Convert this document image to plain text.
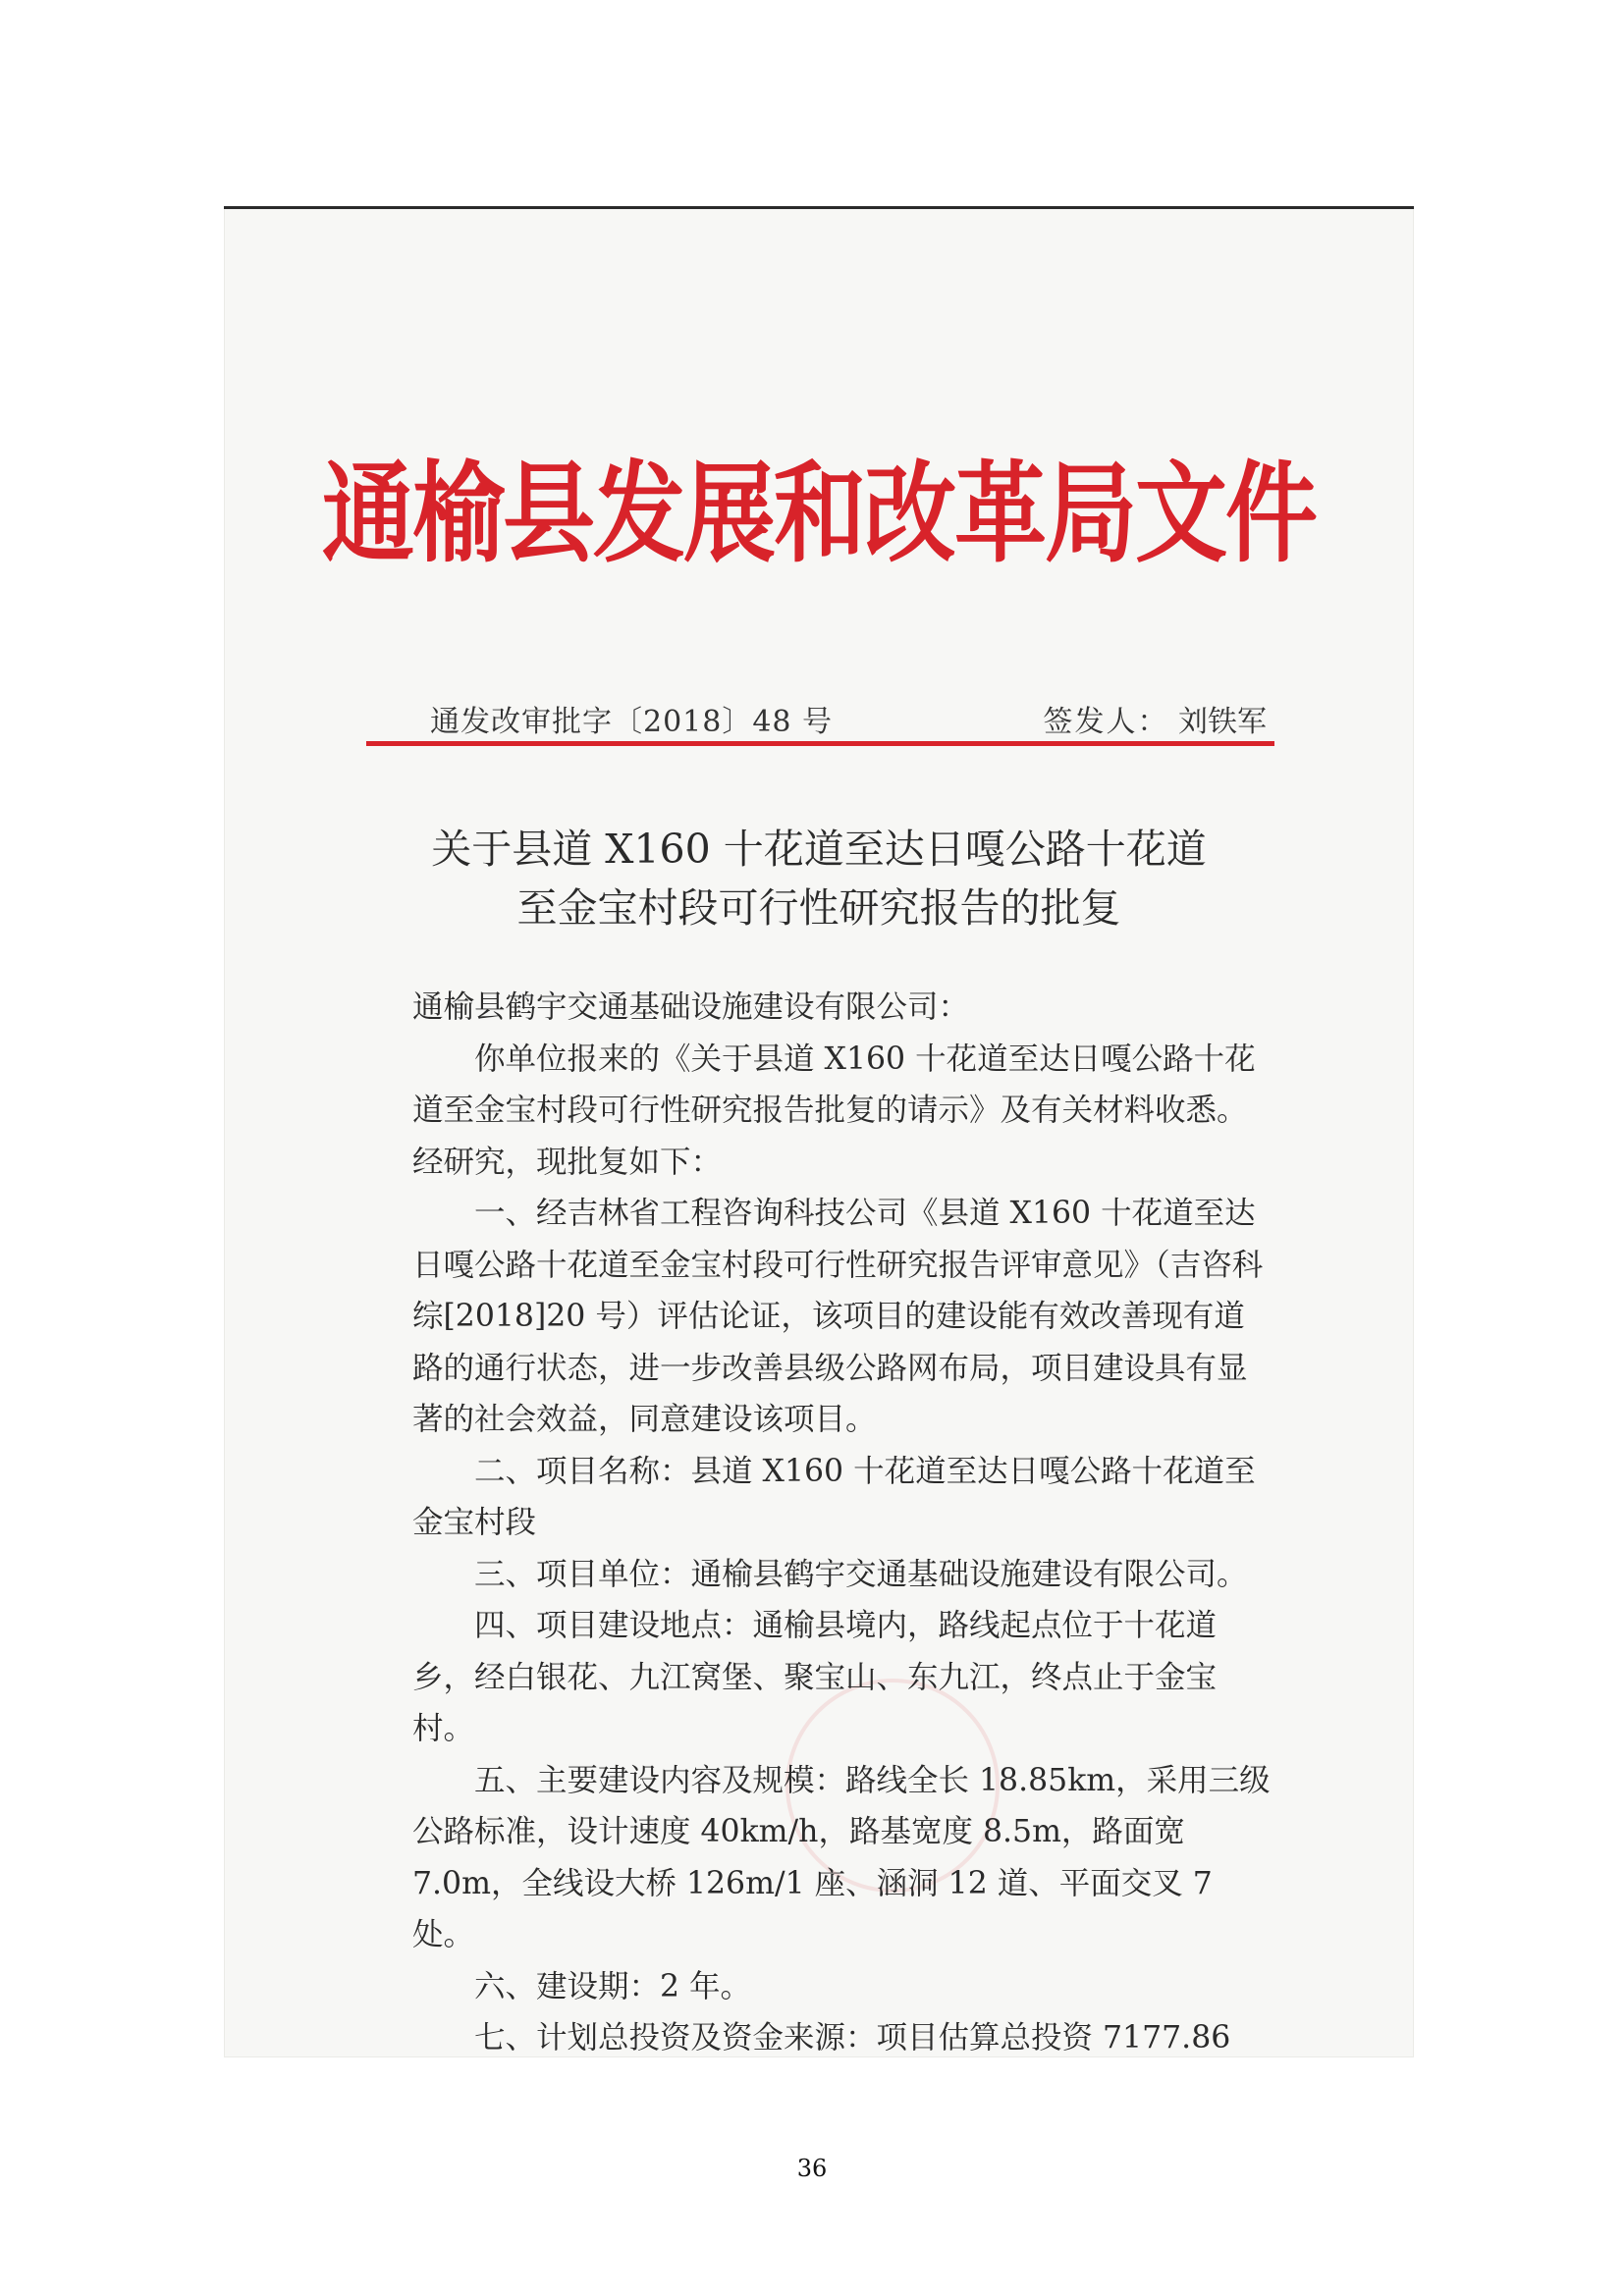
通榆县发展和改革局文件
通发改审批字〔2018〕48 号	签发人： 刘铁军
关于县道 X160 十花道至达日嘎公路十花道
至金宝村段可行性研究报告的批复

通榆县鹤宇交通基础设施建设有限公司：

你单位报来的《关于县道 X160 十花道至达日嘎公路十花道至金宝村段可行性研究报告批复的请示》及有关材料收悉。经研究，现批复如下：

一、经吉林省工程咨询科技公司《县道 X160 十花道至达日嘎公路十花道至金宝村段可行性研究报告评审意见》（吉咨科综[2018]20 号）评估论证，该项目的建设能有效改善现有道路的通行状态，进一步改善县级公路网布局，项目建设具有显著的社会效益，同意建设该项目。

二、项目名称：县道 X160 十花道至达日嘎公路十花道至金宝村段

三、项目单位：通榆县鹤宇交通基础设施建设有限公司。

四、项目建设地点：通榆县境内，路线起点位于十花道乡，经白银花、九江窝堡、聚宝山、东九江，终点止于金宝村。

五、主要建设内容及规模：路线全长 18.85km，采用三级公路标准，设计速度 40km/h，路基宽度 8.5m，路面宽 7.0m，全线设大桥 126m/1 座、涵洞 12 道、平面交叉 7 处。

六、建设期：2 年。

七、计划总投资及资金来源：项目估算总投资 7177.86

36
